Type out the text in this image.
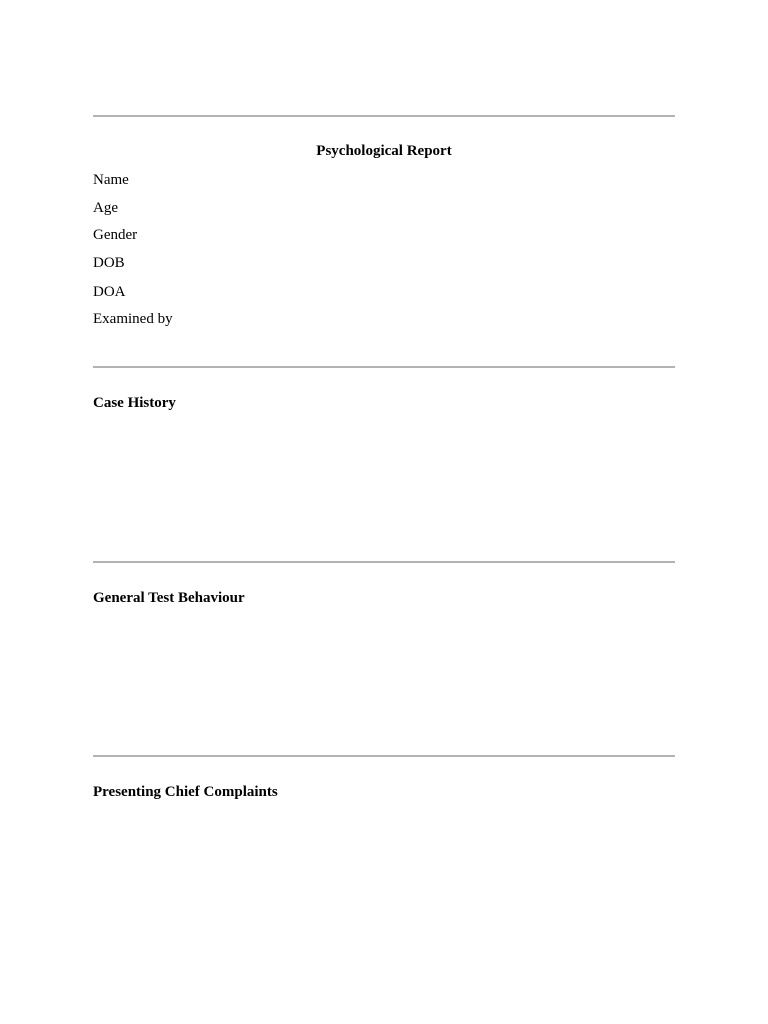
Psychological Report
Name
Age
Gender
DOB
DOA
Examined by
Case History
General Test Behaviour
Presenting Chief Complaints
